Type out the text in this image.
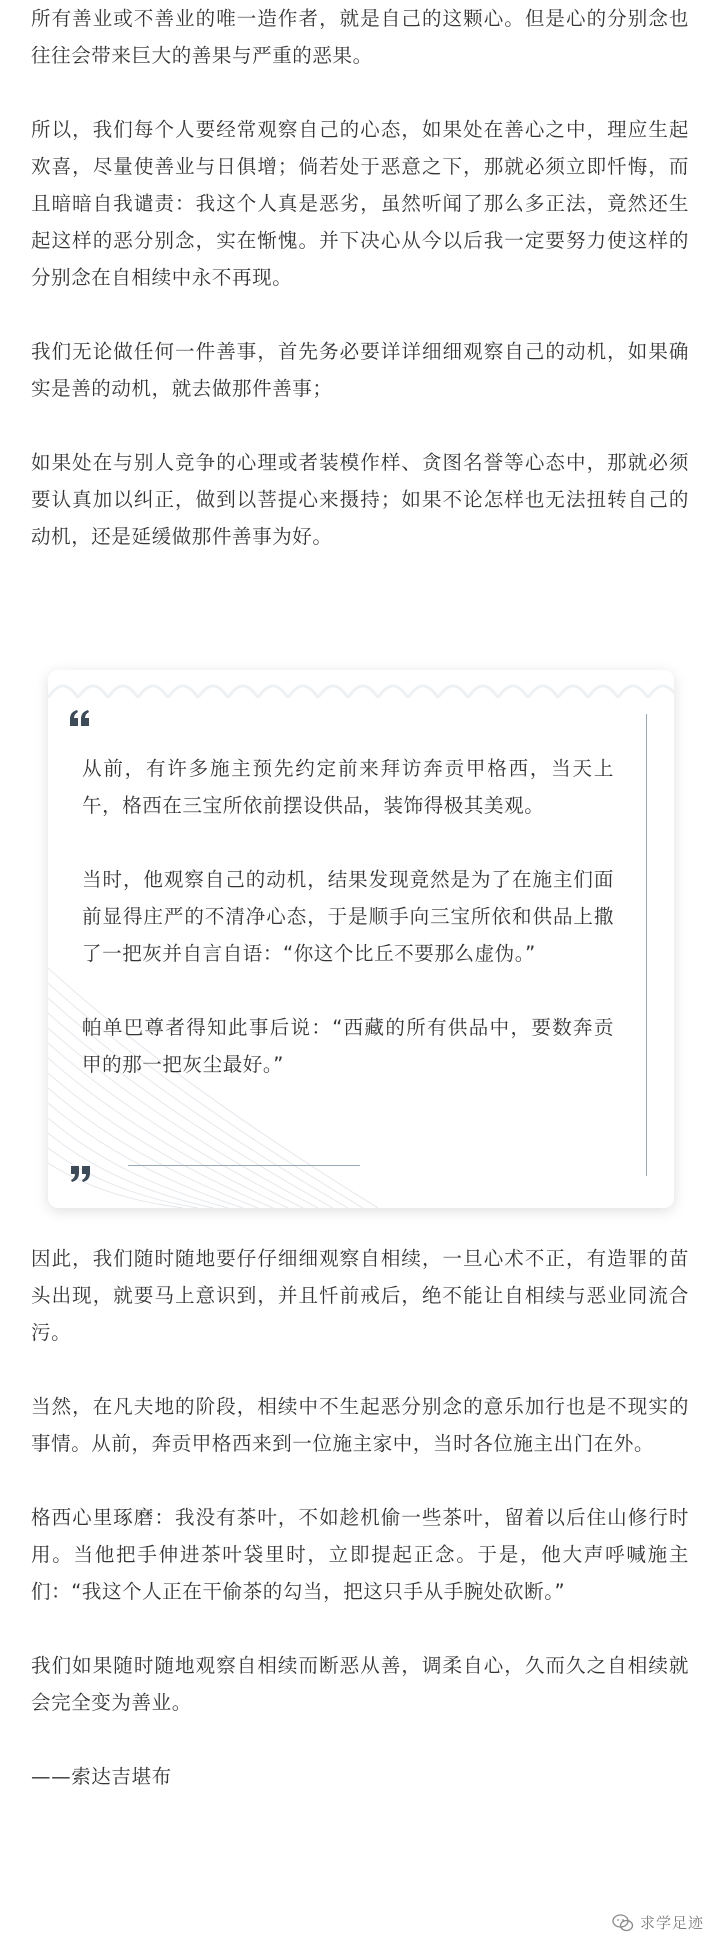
所有善业或不善业的唯一造作者，就是自己的这颗心。但是心的分别念也往往会带来巨大的善果与严重的恶果。

所以，我们每个人要经常观察自己的心态，如果处在善心之中，理应生起欢喜，尽量使善业与日俱增；倘若处于恶意之下，那就必须立即忏悔，而且暗暗自我谴责：我这个人真是恶劣，虽然听闻了那么多正法，竟然还生起这样的恶分别念，实在惭愧。并下决心从今以后我一定要努力使这样的分别念在自相续中永不再现。

我们无论做任何一件善事，首先务必要详详细细观察自己的动机，如果确实是善的动机，就去做那件善事；

如果处在与别人竞争的心理或者装模作样、贪图名誉等心态中，那就必须要认真加以纠正，做到以菩提心来摄持；如果不论怎样也无法扭转自己的动机，还是延缓做那件善事为好。

从前，有许多施主预先约定前来拜访奔贡甲格西，当天上午，格西在三宝所依前摆设供品，装饰得极其美观。

当时，他观察自己的动机，结果发现竟然是为了在施主们面前显得庄严的不清净心态，于是顺手向三宝所依和供品上撒了一把灰并自言自语：“你这个比丘不要那么虚伪。”

帕单巴尊者得知此事后说：“西藏的所有供品中，要数奔贡甲的那一把灰尘最好。”

因此，我们随时随地要仔仔细细观察自相续，一旦心术不正，有造罪的苗头出现，就要马上意识到，并且忏前戒后，绝不能让自相续与恶业同流合污。

当然，在凡夫地的阶段，相续中不生起恶分别念的意乐加行也是不现实的事情。从前，奔贡甲格西来到一位施主家中，当时各位施主出门在外。

格西心里琢磨：我没有茶叶，不如趁机偷一些茶叶，留着以后住山修行时用。当他把手伸进茶叶袋里时，立即提起正念。于是，他大声呼喊施主们：“我这个人正在干偷茶的勾当，把这只手从手腕处砍断。”

我们如果随时随地观察自相续而断恶从善，调柔自心，久而久之自相续就会完全变为善业。

——索达吉堪布

求学足迹
